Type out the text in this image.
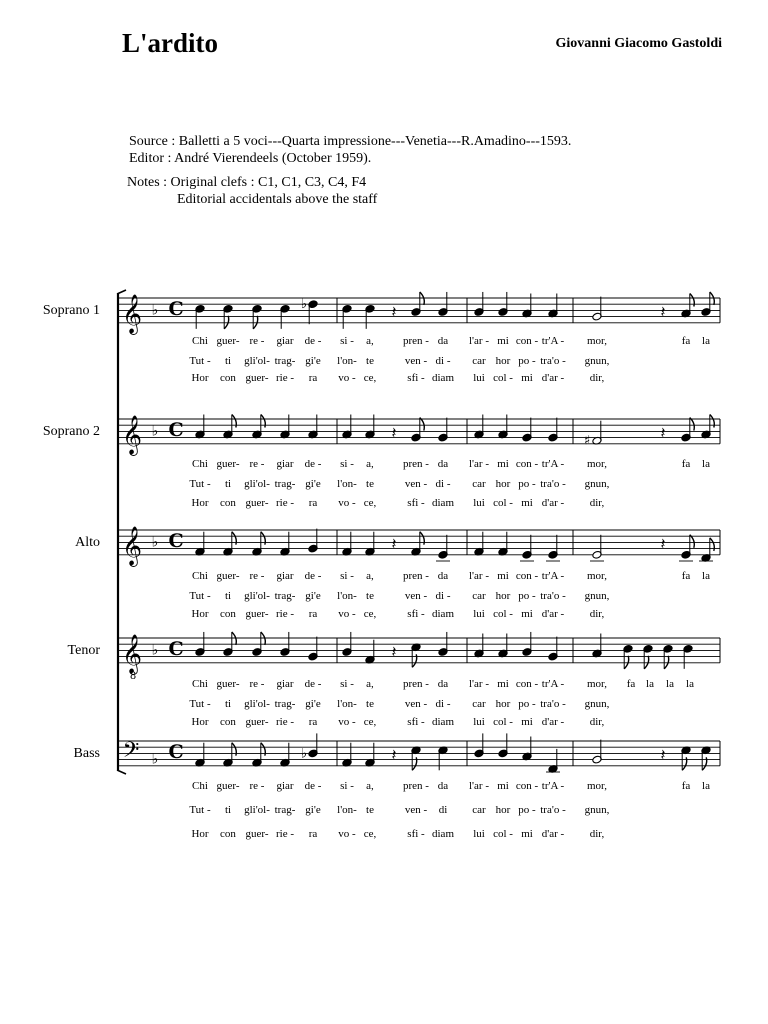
L'ardito	Giovanni Giacomo Gastoldi
Source : Balletti a 5 voci---Quarta impressione---Venetia---R.Amadino---1593.
Editor : André Vierendeels (October 1959).
Notes : Original clefs : C1, C1, C3, C4, F4
Editorial accidentals above the staff
𝄞 ♭ C	♭	𝄽	𝄽
𝄞 ♭ C	𝄽	♯	𝄽
𝄞 ♭ C	𝄽	𝄽
𝄞
8
♭ C	𝄽
𝄢 ♭ C	♭	𝄽	𝄽
Soprano 1
Chi guer- re - giar de - si - a,	pren - da l'ar - mi con - tr'A - mor,	fa la
Tut - ti gli'ol- trag- gi'e l'on- te	ven - di - car hor po - tra'o - gnun,
Hor con guer- rie - ra vo - ce,	sfi - diam lui col - mi d'ar - dir,
Soprano 2
Chi guer- re - giar de - si - a,	pren - da l'ar - mi con - tr'A - mor,	fa la
Tut - ti gli'ol- trag- gi'e l'on- te	ven - di - car hor po - tra'o - gnun,
Hor con guer- rie - ra vo - ce,	sfi - diam lui col - mi d'ar - dir,
Alto
Chi guer- re - giar de - si - a,	pren - da l'ar - mi con - tr'A - mor,	fa la
Tut - ti gli'ol- trag- gi'e l'on- te	ven - di - car hor po - tra'o - gnun,
Hor con guer- rie - ra vo - ce,	sfi - diam lui col - mi d'ar - dir,
Tenor
Chi guer- re - giar de - si - a,	pren - da l'ar - mi con - tr'A - mor, fa la la la
Tut - ti gli'ol- trag- gi'e l'on- te	ven - di - car hor po - tra'o - gnun,
Hor con guer- rie - ra vo - ce,	sfi - diam lui col - mi d'ar - dir,
Bass
Chi guer- re - giar de - si - a,	pren - da l'ar - mi con - tr'A - mor,	fa la
Tut - ti gli'ol- trag- gi'e l'on- te	ven - di car hor po - tra'o - gnun,
Hor con guer- rie - ra vo - ce,	sfi - diam lui col - mi d'ar - dir,
